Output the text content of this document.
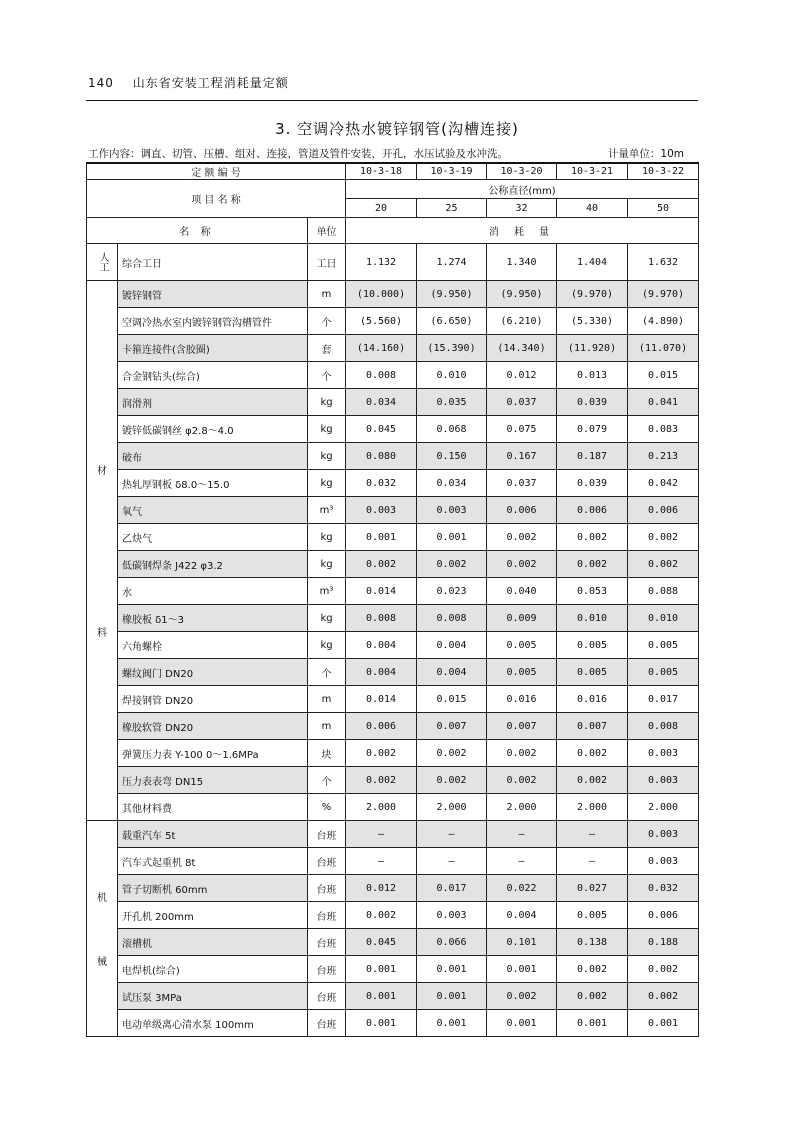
140 山东省安装工程消耗量定额
3. 空调冷热水镀锌钢管(沟槽连接)
工作内容：调直、切管、压槽、组对、连接，管道及管件安装，开孔，水压试验及水冲洗。	计量单位：10m
定 额 编 号			10-3-18	10-3-19	10-3-20	10-3-21	10-3-22
项 目 名 称			公称直径(mm)				
			20	25	32	40	50
名 称		单位	消 耗 量				

人工	综合工日	工日	1.132	1.274	1.340	1.404	1.632

材
料	镀锌钢管	m	(10.000)	(9.950)	(9.950)	(9.970)	(9.970)
	空调冷热水室内镀锌钢管沟槽管件	个	(5.560)	(6.650)	(6.210)	(5.330)	(4.890)
	卡箍连接件(含胶圈)	套	(14.160)	(15.390)	(14.340)	(11.920)	(11.070)
	合金钢钻头(综合)	个	0.008	0.010	0.012	0.013	0.015
	润滑剂	kg	0.034	0.035	0.037	0.039	0.041
	镀锌低碳钢丝 φ2.8～4.0	kg	0.045	0.068	0.075	0.079	0.083
	破布	kg	0.080	0.150	0.167	0.187	0.213
	热轧厚钢板 δ8.0～15.0	kg	0.032	0.034	0.037	0.039	0.042
	氧气	m³	0.003	0.003	0.006	0.006	0.006
	乙炔气	kg	0.001	0.001	0.002	0.002	0.002
	低碳钢焊条 J422 φ3.2	kg	0.002	0.002	0.002	0.002	0.002
	水	m³	0.014	0.023	0.040	0.053	0.088
	橡胶板 δ1～3	kg	0.008	0.008	0.009	0.010	0.010
	六角螺栓	kg	0.004	0.004	0.005	0.005	0.005
	螺纹阀门 DN20	个	0.004	0.004	0.005	0.005	0.005
	焊接钢管 DN20	m	0.014	0.015	0.016	0.016	0.017
	橡胶软管 DN20	m	0.006	0.007	0.007	0.007	0.008
	弹簧压力表 Y-100 0～1.6MPa	块	0.002	0.002	0.002	0.002	0.003
	压力表表弯 DN15	个	0.002	0.002	0.002	0.002	0.003
	其他材料费	%	2.000	2.000	2.000	2.000	2.000

机
械	载重汽车 5t	台班	—	—	—	—	0.003
	汽车式起重机 8t	台班	—	—	—	—	0.003
	管子切断机 60mm	台班	0.012	0.017	0.022	0.027	0.032
	开孔机 200mm	台班	0.002	0.003	0.004	0.005	0.006
	滚槽机	台班	0.045	0.066	0.101	0.138	0.188
	电焊机(综合)	台班	0.001	0.001	0.001	0.002	0.002
	试压泵 3MPa	台班	0.001	0.001	0.002	0.002	0.002
	电动单级离心清水泵 100mm	台班	0.001	0.001	0.001	0.001	0.001
